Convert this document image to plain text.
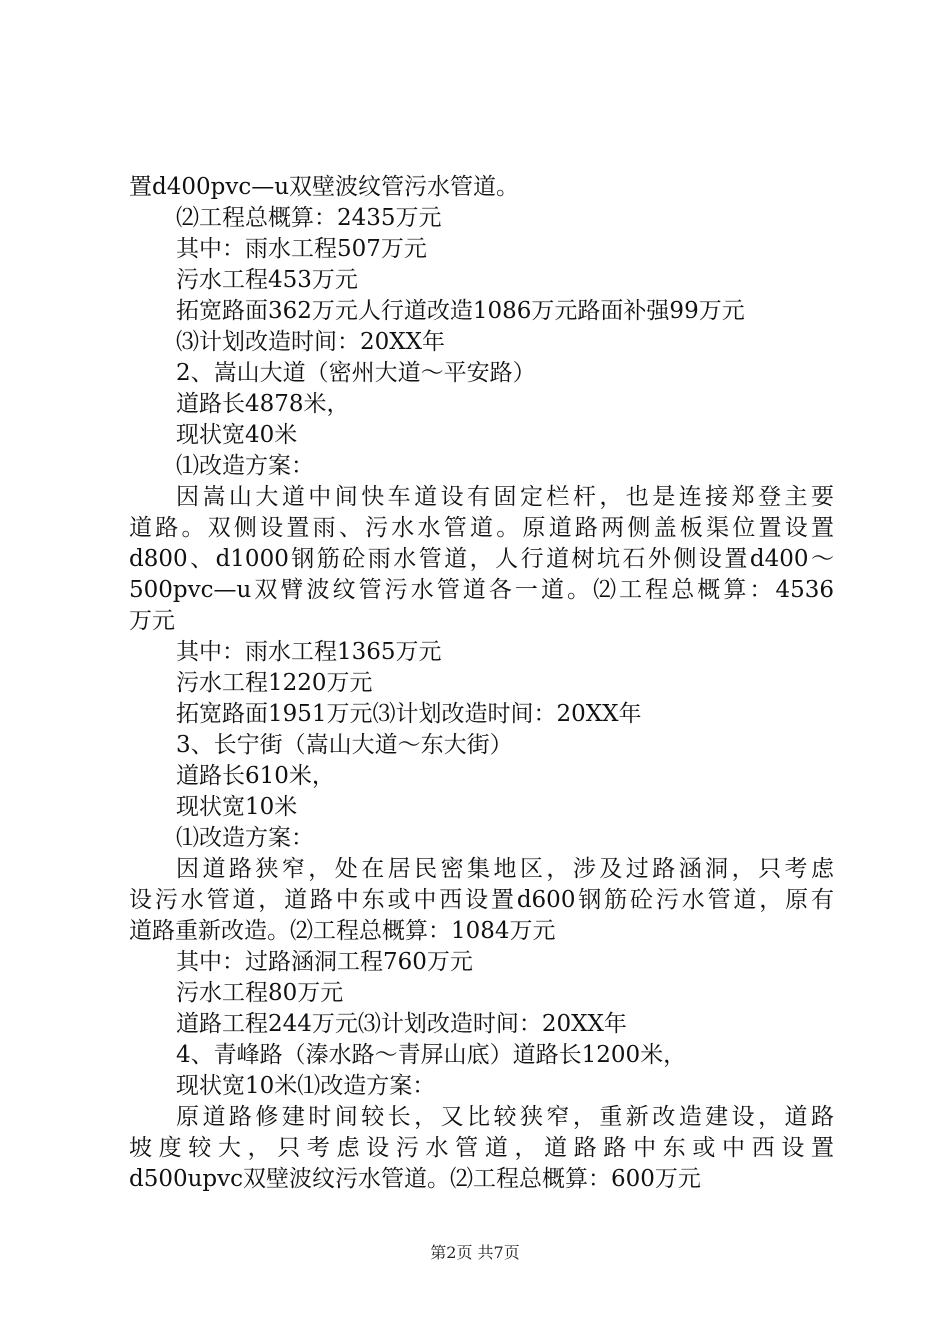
置d400pvc—u双壁波纹管污水管道。
⑵工程总概算：2435万元
其中：雨水工程507万元
污水工程453万元
拓宽路面362万元人行道改造1086万元路面补强99万元
⑶计划改造时间：20XX年
2、嵩山大道（密州大道～平安路）
道路长4878米，
现状宽40米
⑴改造方案：
因嵩山大道中间快车道设有固定栏杆，也是连接郑登主要
道路。双侧设置雨、污水水管道。原道路两侧盖板渠位置设置
d800、d1000钢筋砼雨水管道，人行道树坑石外侧设置d400～
500pvc—u双臂波纹管污水管道各一道。⑵工程总概算：4536
万元
其中：雨水工程1365万元
污水工程1220万元
拓宽路面1951万元⑶计划改造时间：20XX年
3、长宁街（嵩山大道～东大街）
道路长610米，
现状宽10米
⑴改造方案：
因道路狭窄，处在居民密集地区，涉及过路涵洞，只考虑
设污水管道，道路中东或中西设置d600钢筋砼污水管道，原有
道路重新改造。⑵工程总概算：1084万元
其中：过路涵洞工程760万元
污水工程80万元
道路工程244万元⑶计划改造时间：20XX年
4、青峰路（溱水路～青屏山底）道路长1200米，
现状宽10米⑴改造方案：
原道路修建时间较长，又比较狭窄，重新改造建设，道路
坡度较大，只考虑设污水管道，道路路中东或中西设置
d500upvc双壁波纹污水管道。⑵工程总概算：600万元
第2页 共7页
